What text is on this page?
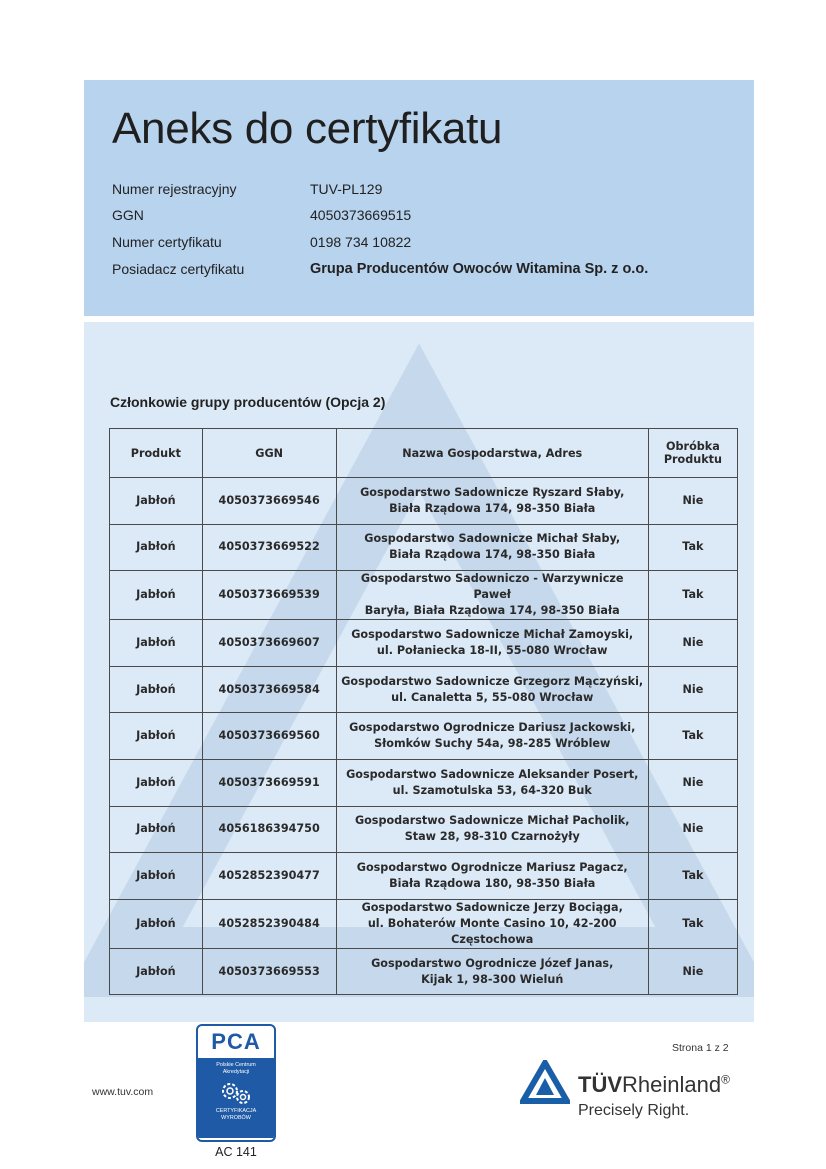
Aneks do certyfikatu
Numer rejestracyjny	TUV-PL129
GGN	4050373669515
Numer certyfikatu	0198 734 10822
Posiadacz certyfikatu	Grupa Producentów Owoców Witamina Sp. z o.o.
Członkowie grupy producentów (Opcja 2)
Produkt	GGN	Nazwa Gospodarstwa, Adres	Obróbka
Produktu
Jabłoń	4050373669546	Gospodarstwo Sadownicze Ryszard Słaby,
Biała Rządowa 174, 98-350 Biała	Nie
Jabłoń	4050373669522	Gospodarstwo Sadownicze Michał Słaby,
Biała Rządowa 174, 98-350 Biała	Tak
Jabłoń	4050373669539	Gospodarstwo Sadowniczo - Warzywnicze Paweł
Baryła, Biała Rządowa 174, 98-350 Biała	Tak
Jabłoń	4050373669607	Gospodarstwo Sadownicze Michał Zamoyski,
ul. Połaniecka 18-II, 55-080 Wrocław	Nie
Jabłoń	4050373669584	Gospodarstwo Sadownicze Grzegorz Mączyński,
ul. Canaletta 5, 55-080 Wrocław	Nie
Jabłoń	4050373669560	Gospodarstwo Ogrodnicze Dariusz Jackowski,
Słomków Suchy 54a, 98-285 Wróblew	Tak
Jabłoń	4050373669591	Gospodarstwo Sadownicze Aleksander Posert,
ul. Szamotulska 53, 64-320 Buk	Nie
Jabłoń	4056186394750	Gospodarstwo Sadownicze Michał Pacholik,
Staw 28, 98-310 Czarnożyły	Nie
Jabłoń	4052852390477	Gospodarstwo Ogrodnicze Mariusz Pagacz,
Biała Rządowa 180, 98-350 Biała	Tak
Jabłoń	4052852390484	Gospodarstwo Sadownicze Jerzy Bociąga,
ul. Bohaterów Monte Casino 10, 42-200 Częstochowa	Tak
Jabłoń	4050373669553	Gospodarstwo Ogrodnicze Józef Janas,
Kijak 1, 98-300 Wieluń	Nie
www.tuv.com
PCA
Polskie Centrum
Akredytacji
CERTYFIKACJA
WYROBÓW
AC 141
Strona 1 z 2
TÜVRheinland®
Precisely Right.
